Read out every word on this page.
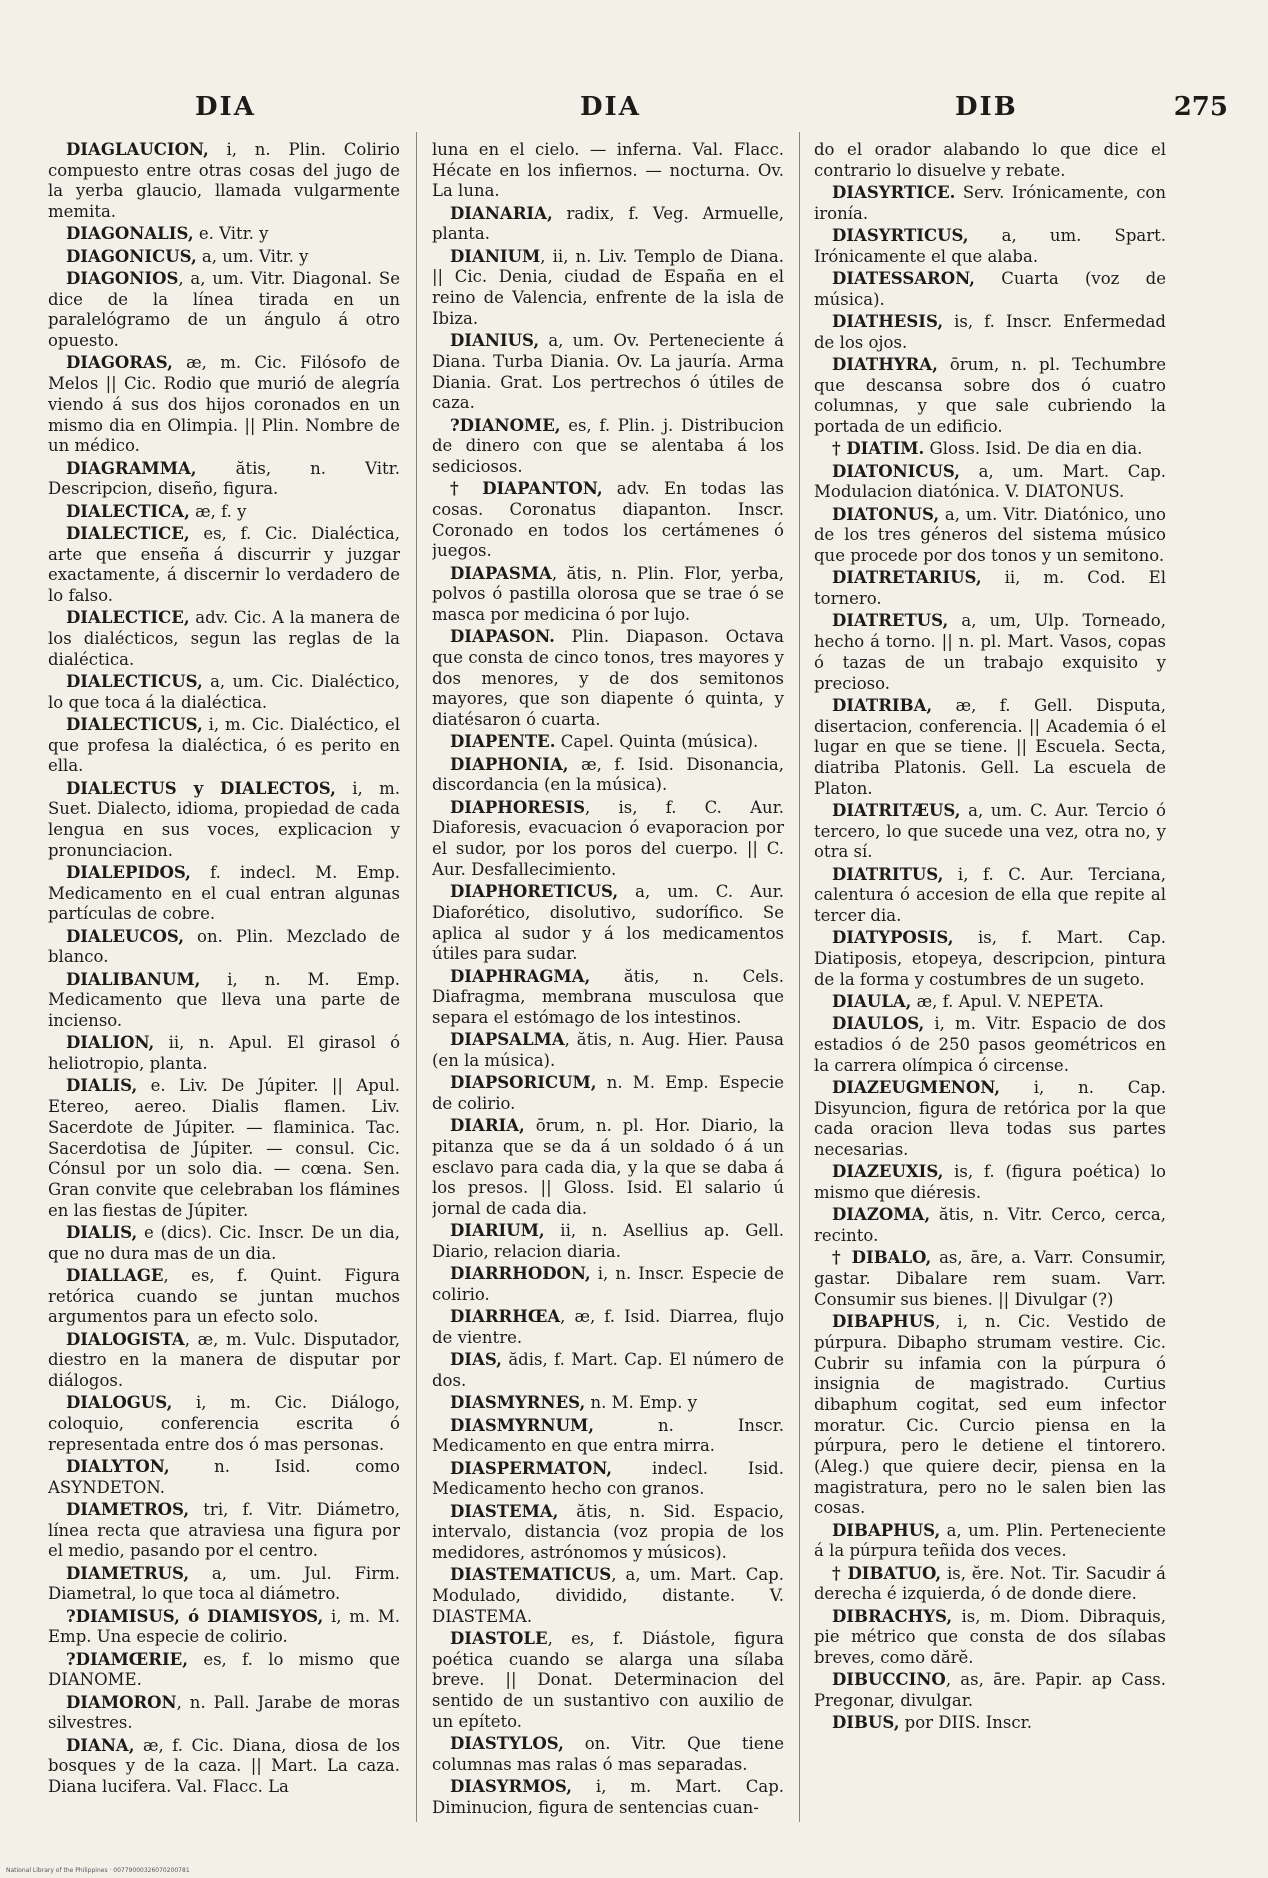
DIA	DIA	DIB	275

DIAGLAUCION, i, n. Plin. Colirio compuesto entre otras cosas del jugo de la yerba glaucio, llamada vulgarmente memita.

DIAGONALIS, e. Vitr. y

DIAGONICUS, a, um. Vitr. y

DIAGONIOS, a, um. Vitr. Diagonal. Se dice de la línea tirada en un paralelógramo de un ángulo á otro opuesto.

DIAGORAS, æ, m. Cic. Filósofo de Melos || Cic. Rodio que murió de alegría viendo á sus dos hijos coronados en un mismo dia en Olimpia. || Plin. Nombre de un médico.

DIAGRAMMA, ătis, n. Vitr. Descripcion, diseño, figura.

DIALECTICA, æ, f. y

DIALECTICE, es, f. Cic. Dialéctica, arte que enseña á discurrir y juzgar exactamente, á discernir lo verdadero de lo falso.

DIALECTICE, adv. Cic. A la manera de los dialécticos, segun las reglas de la dialéctica.

DIALECTICUS, a, um. Cic. Dialéctico, lo que toca á la dialéctica.

DIALECTICUS, i, m. Cic. Dialéctico, el que profesa la dialéctica, ó es perito en ella.

DIALECTUS y DIALECTOS, i, m. Suet. Dialecto, idioma, propiedad de cada lengua en sus voces, explicacion y pronunciacion.

DIALEPIDOS, f. indecl. M. Emp. Medicamento en el cual entran algunas partículas de cobre.

DIALEUCOS, on. Plin. Mezclado de blanco.

DIALIBANUM, i, n. M. Emp. Medicamento que lleva una parte de incienso.

DIALION, ii, n. Apul. El girasol ó heliotropio, planta.

DIALIS, e. Liv. De Júpiter. || Apul. Etereo, aereo. Dialis flamen. Liv. Sacerdote de Júpiter. — flaminica. Tac. Sacerdotisa de Júpiter. — consul. Cic. Cónsul por un solo dia. — cœna. Sen. Gran convite que celebraban los flámines en las fiestas de Júpiter.

DIALIS, e (dics). Cic. Inscr. De un dia, que no dura mas de un dia.

DIALLAGE, es, f. Quint. Figura retórica cuando se juntan muchos argumentos para un efecto solo.

DIALOGISTA, æ, m. Vulc. Disputador, diestro en la manera de disputar por diálogos.

DIALOGUS, i, m. Cic. Diálogo, coloquio, conferencia escrita ó representada entre dos ó mas personas.

DIALYTON, n. Isid. como ASYNDETON.

DIAMETROS, tri, f. Vitr. Diámetro, línea recta que atraviesa una figura por el medio, pasando por el centro.

DIAMETRUS, a, um. Jul. Firm. Diametral, lo que toca al diámetro.

?DIAMISUS, ó DIAMISYOS, i, m. M. Emp. Una especie de colirio.

?DIAMŒRIE, es, f. lo mismo que DIANOME.

DIAMORON, n. Pall. Jarabe de moras silvestres.

DIANA, æ, f. Cic. Diana, diosa de los bosques y de la caza. || Mart. La caza. Diana lucifera. Val. Flacc. La

luna en el cielo. — inferna. Val. Flacc. Hécate en los infiernos. — nocturna. Ov. La luna.

DIANARIA, radix, f. Veg. Armuelle, planta.

DIANIUM, ii, n. Liv. Templo de Diana. || Cic. Denia, ciudad de España en el reino de Valencia, enfrente de la isla de Ibiza.

DIANIUS, a, um. Ov. Perteneciente á Diana. Turba Diania. Ov. La jauría. Arma Diania. Grat. Los pertrechos ó útiles de caza.

?DIANOME, es, f. Plin. j. Distribucion de dinero con que se alentaba á los sediciosos.

† DIAPANTON, adv. En todas las cosas. Coronatus diapanton. Inscr. Coronado en todos los certámenes ó juegos.

DIAPASMA, ătis, n. Plin. Flor, yerba, polvos ó pastilla olorosa que se trae ó se masca por medicina ó por lujo.

DIAPASON. Plin. Diapason. Octava que consta de cinco tonos, tres mayores y dos menores, y de dos semitonos mayores, que son diapente ó quinta, y diatésaron ó cuarta.

DIAPENTE. Capel. Quinta (música).

DIAPHONIA, æ, f. Isid. Disonancia, discordancia (en la música).

DIAPHORESIS, is, f. C. Aur. Diaforesis, evacuacion ó evaporacion por el sudor, por los poros del cuerpo. || C. Aur. Desfallecimiento.

DIAPHORETICUS, a, um. C. Aur. Diaforético, disolutivo, sudorífico. Se aplica al sudor y á los medicamentos útiles para sudar.

DIAPHRAGMA, ătis, n. Cels. Diafragma, membrana musculosa que separa el estómago de los intestinos.

DIAPSALMA, ătis, n. Aug. Hier. Pausa (en la música).

DIAPSORICUM, n. M. Emp. Especie de colirio.

DIARIA, ōrum, n. pl. Hor. Diario, la pitanza que se da á un soldado ó á un esclavo para cada dia, y la que se daba á los presos. || Gloss. Isid. El salario ú jornal de cada dia.

DIARIUM, ii, n. Asellius ap. Gell. Diario, relacion diaria.

DIARRHODON, i, n. Inscr. Especie de colirio.

DIARRHŒA, æ, f. Isid. Diarrea, flujo de vientre.

DIAS, ădis, f. Mart. Cap. El número de dos.

DIASMYRNES, n. M. Emp. y

DIASMYRNUM, n. Inscr. Medicamento en que entra mirra.

DIASPERMATON, indecl. Isid. Medicamento hecho con granos.

DIASTEMA, ătis, n. Sid. Espacio, intervalo, distancia (voz propia de los medidores, astrónomos y músicos).

DIASTEMATICUS, a, um. Mart. Cap. Modulado, dividido, distante. V. DIASTEMA.

DIASTOLE, es, f. Diástole, figura poética cuando se alarga una sílaba breve. || Donat. Determinacion del sentido de un sustantivo con auxilio de un epíteto.

DIASTYLOS, on. Vitr. Que tiene columnas mas ralas ó mas separadas.

DIASYRMOS, i, m. Mart. Cap. Diminucion, figura de sentencias cuan-

do el orador alabando lo que dice el contrario lo disuelve y rebate.

DIASYRTICE. Serv. Irónicamente, con ironía.

DIASYRTICUS, a, um. Spart. Irónicamente el que alaba.

DIATESSARON, Cuarta (voz de música).

DIATHESIS, is, f. Inscr. Enfermedad de los ojos.

DIATHYRA, ōrum, n. pl. Techumbre que descansa sobre dos ó cuatro columnas, y que sale cubriendo la portada de un edificio.

† DIATIM. Gloss. Isid. De dia en dia.

DIATONICUS, a, um. Mart. Cap. Modulacion diatónica. V. DIATONUS.

DIATONUS, a, um. Vitr. Diatónico, uno de los tres géneros del sistema músico que procede por dos tonos y un semitono.

DIATRETARIUS, ii, m. Cod. El tornero.

DIATRETUS, a, um, Ulp. Torneado, hecho á torno. || n. pl. Mart. Vasos, copas ó tazas de un trabajo exquisito y precioso.

DIATRIBA, æ, f. Gell. Disputa, disertacion, conferencia. || Academia ó el lugar en que se tiene. || Escuela. Secta, diatriba Platonis. Gell. La escuela de Platon.

DIATRITÆUS, a, um. C. Aur. Tercio ó tercero, lo que sucede una vez, otra no, y otra sí.

DIATRITUS, i, f. C. Aur. Terciana, calentura ó accesion de ella que repite al tercer dia.

DIATYPOSIS, is, f. Mart. Cap. Diatiposis, etopeya, descripcion, pintura de la forma y costumbres de un sugeto.

DIAULA, æ, f. Apul. V. NEPETA.

DIAULOS, i, m. Vitr. Espacio de dos estadios ó de 250 pasos geométricos en la carrera olímpica ó circense.

DIAZEUGMENON, i, n. Cap. Disyuncion, figura de retórica por la que cada oracion lleva todas sus partes necesarias.

DIAZEUXIS, is, f. (figura poética) lo mismo que diéresis.

DIAZOMA, ătis, n. Vitr. Cerco, cerca, recinto.

† DIBALO, as, āre, a. Varr. Consumir, gastar. Dibalare rem suam. Varr. Consumir sus bienes. || Divulgar (?)

DIBAPHUS, i, n. Cic. Vestido de púrpura. Dibapho strumam vestire. Cic. Cubrir su infamia con la púrpura ó insignia de magistrado. Curtius dibaphum cogitat, sed eum infector moratur. Cic. Curcio piensa en la púrpura, pero le detiene el tintorero. (Aleg.) que quiere decir, piensa en la magistratura, pero no le salen bien las cosas.

DIBAPHUS, a, um. Plin. Perteneciente á la púrpura teñida dos veces.

† DIBATUO, is, ĕre. Not. Tir. Sacudir á derecha é izquierda, ó de donde diere.

DIBRACHYS, is, m. Diom. Dibraquis, pie métrico que consta de dos sílabas breves, como dărĕ.

DIBUCCINO, as, āre. Papir. ap Cass. Pregonar, divulgar.

DIBUS, por DIIS. Inscr.

National Library of the Philippines · 00779000326070200781
